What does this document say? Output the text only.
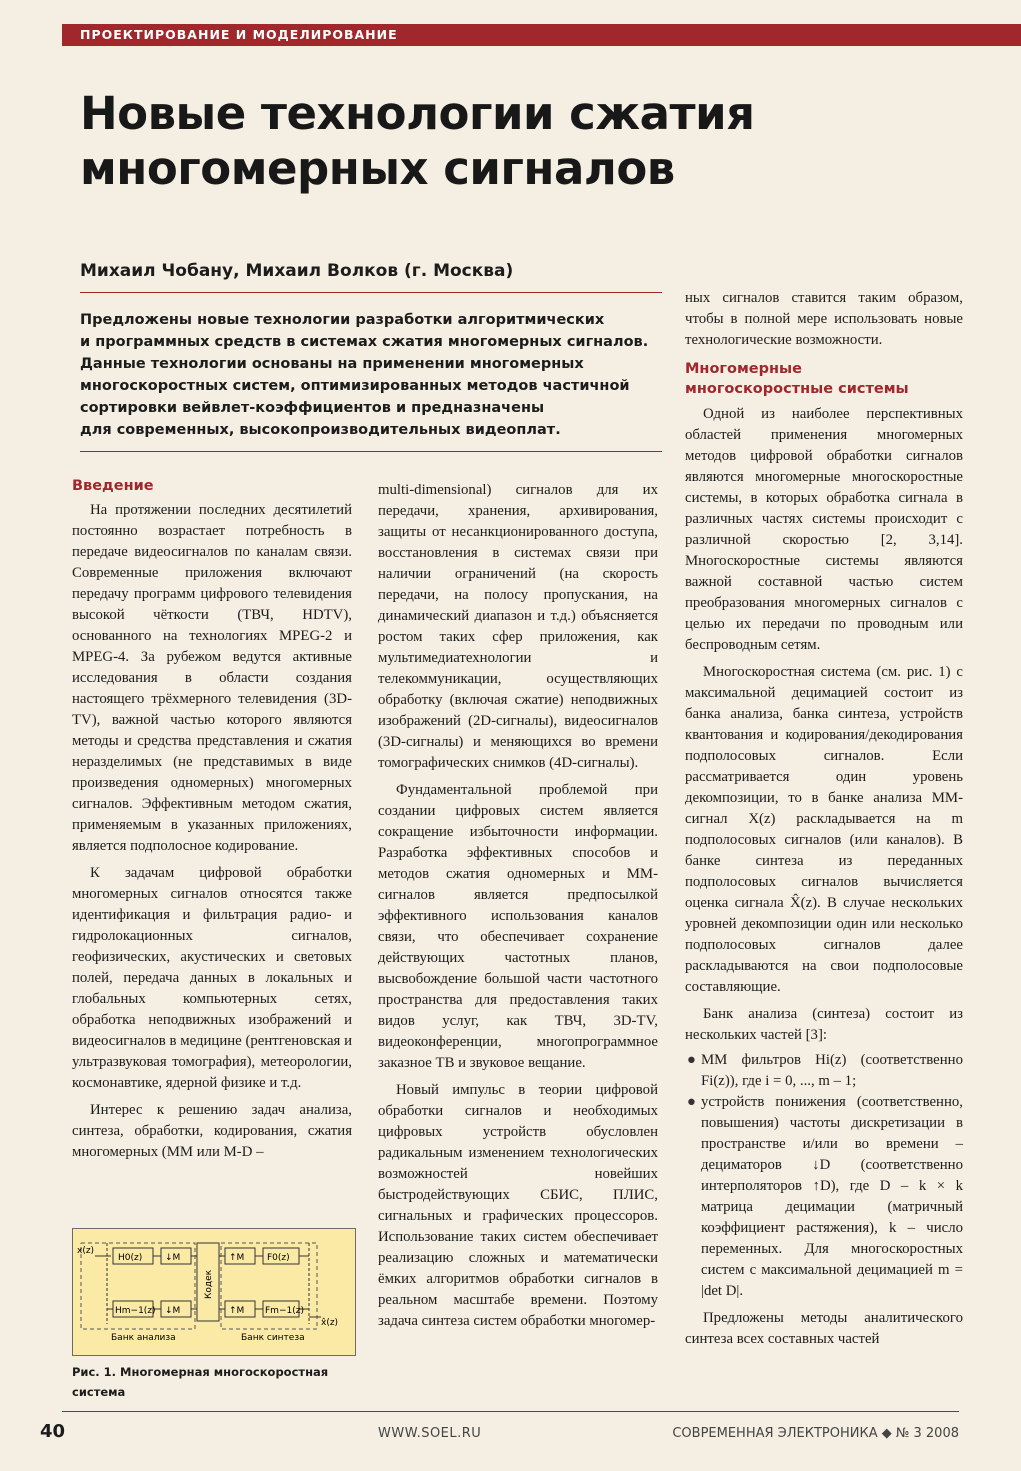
ПРОЕКТИРОВАНИЕ И МОДЕЛИРОВАНИЕ
Новые технологии сжатия
многомерных сигналов
Михаил Чобану, Михаил Волков (г. Москва)

Предложены новые технологии разработки алгоритмических

и программных средств в системах сжатия многомерных сигналов.

Данные технологии основаны на применении многомерных

многоскоростных систем, оптимизированных методов частичной

сортировки вейвлет-коэффициентов и предназначены

для современных, высокопроизводительных видеоплат.

Введение

На протяжении последних десятилетий постоянно возрастает потребность в передаче видеосигналов по каналам связи. Современные приложения включают передачу программ цифрового телевидения высокой чёткости (ТВЧ, HDTV), основанного на технологиях MPEG-2 и MPEG-4. За рубежом ведутся активные исследования в области создания настоящего трёхмерного телевидения (3D-TV), важной частью которого являются методы и средства представления и сжатия неразделимых (не представимых в виде произведения одномерных) многомерных сигналов. Эффективным методом сжатия, применяемым в указанных приложениях, является подполосное кодирование.

К задачам цифровой обработки многомерных сигналов относятся также идентификация и фильтрация радио- и гидролокационных сигналов, геофизических, акустических и световых полей, передача данных в локальных и глобальных компьютерных сетях, обработка неподвижных изображений и видеосигналов в медицине (рентгеновская и ультразвуковая томография), метеорологии, космонавтике, ядерной физике и т.д.

Интерес к решению задач анализа, синтеза, обработки, кодирования, сжатия многомерных (ММ или M-D –

x(z)
H0(z)
Hm−1(z)
↓M
↓M
Кодек
↑M
↑M
F0(z)
Fm−1(z)
x̂(z)
Банк анализа	Банк синтеза

Рис. 1. Многомерная многоскоростная

система

multi-dimensional) сигналов для их передачи, хранения, архивирования, защиты от несанкционированного доступа, восстановления в системах связи при наличии ограничений (на скорость передачи, на полосу пропускания, на динамический диапазон и т.д.) объясняется ростом таких сфер приложения, как мультимедиатехнологии и телекоммуникации, осуществляющих обработку (включая сжатие) неподвижных изображений (2D-сигналы), видеосигналов (3D-сигналы) и меняющихся во времени томографических снимков (4D-сигналы).

Фундаментальной проблемой при создании цифровых систем является сокращение избыточности информации. Разработка эффективных способов и методов сжатия одномерных и ММ-сигналов является предпосылкой эффективного использования каналов связи, что обеспечивает сохранение действующих частотных планов, высвобождение большой части частотного пространства для предоставления таких видов услуг, как ТВЧ, 3D-TV, видеоконференции, многопрограммное заказное ТВ и звуковое вещание.

Новый импульс в теории цифровой обработки сигналов и необходимых цифровых устройств обусловлен радикальным изменением технологических возможностей новейших быстродействующих СБИС, ПЛИС, сигнальных и графических процессоров. Использование таких систем обеспечивает реализацию сложных и математически ёмких алгоритмов обработки сигналов в реальном масштабе времени. Поэтому задача синтеза систем обработки многомер-

ных сигналов ставится таким образом, чтобы в полной мере использовать новые технологические возможности.

Многомерные
многоскоростные системы

Одной из наиболее перспективных областей применения многомерных методов цифровой обработки сигналов являются многомерные многоскоростные системы, в которых обработка сигнала в различных частях системы происходит с различной скоростью [2, 3,14]. Многоскоростные системы являются важной составной частью систем преобразования многомерных сигналов с целью их передачи по проводным или беспроводным сетям.

Многоскоростная система (см. рис. 1) с максимальной децимацией состоит из банка анализа, банка синтеза, устройств квантования и кодирования/декодирования подполосовых сигналов. Если рассматривается один уровень декомпозиции, то в банке анализа ММ-сигнал X(z) раскладывается на m подполосовых сигналов (или каналов). В банке синтеза из переданных подполосовых сигналов вычисляется оценка сигнала X̂(z). В случае нескольких уровней декомпозиции один или несколько подполосовых сигналов далее раскладываются на свои подполосовые составляющие.

Банк анализа (синтеза) состоит из нескольких частей [3]:

● ММ фильтров Hi(z) (соответственно Fi(z)), где i = 0, ..., m – 1;
● устройств понижения (соответственно, повышения) частоты дискретизации в пространстве и/или во времени – дециматоров ↓D (соответственно интерполяторов ↑D), где D – k × k матрица децимации (матричный коэффициент растяжения), k – число переменных. Для многоскоростных систем с максимальной децимацией m = |det D|.

Предложены методы аналитического синтеза всех составных частей

40	WWW.SOEL.RU	СОВРЕМЕННАЯ ЭЛЕКТРОНИКА ◆ № 3 2008
